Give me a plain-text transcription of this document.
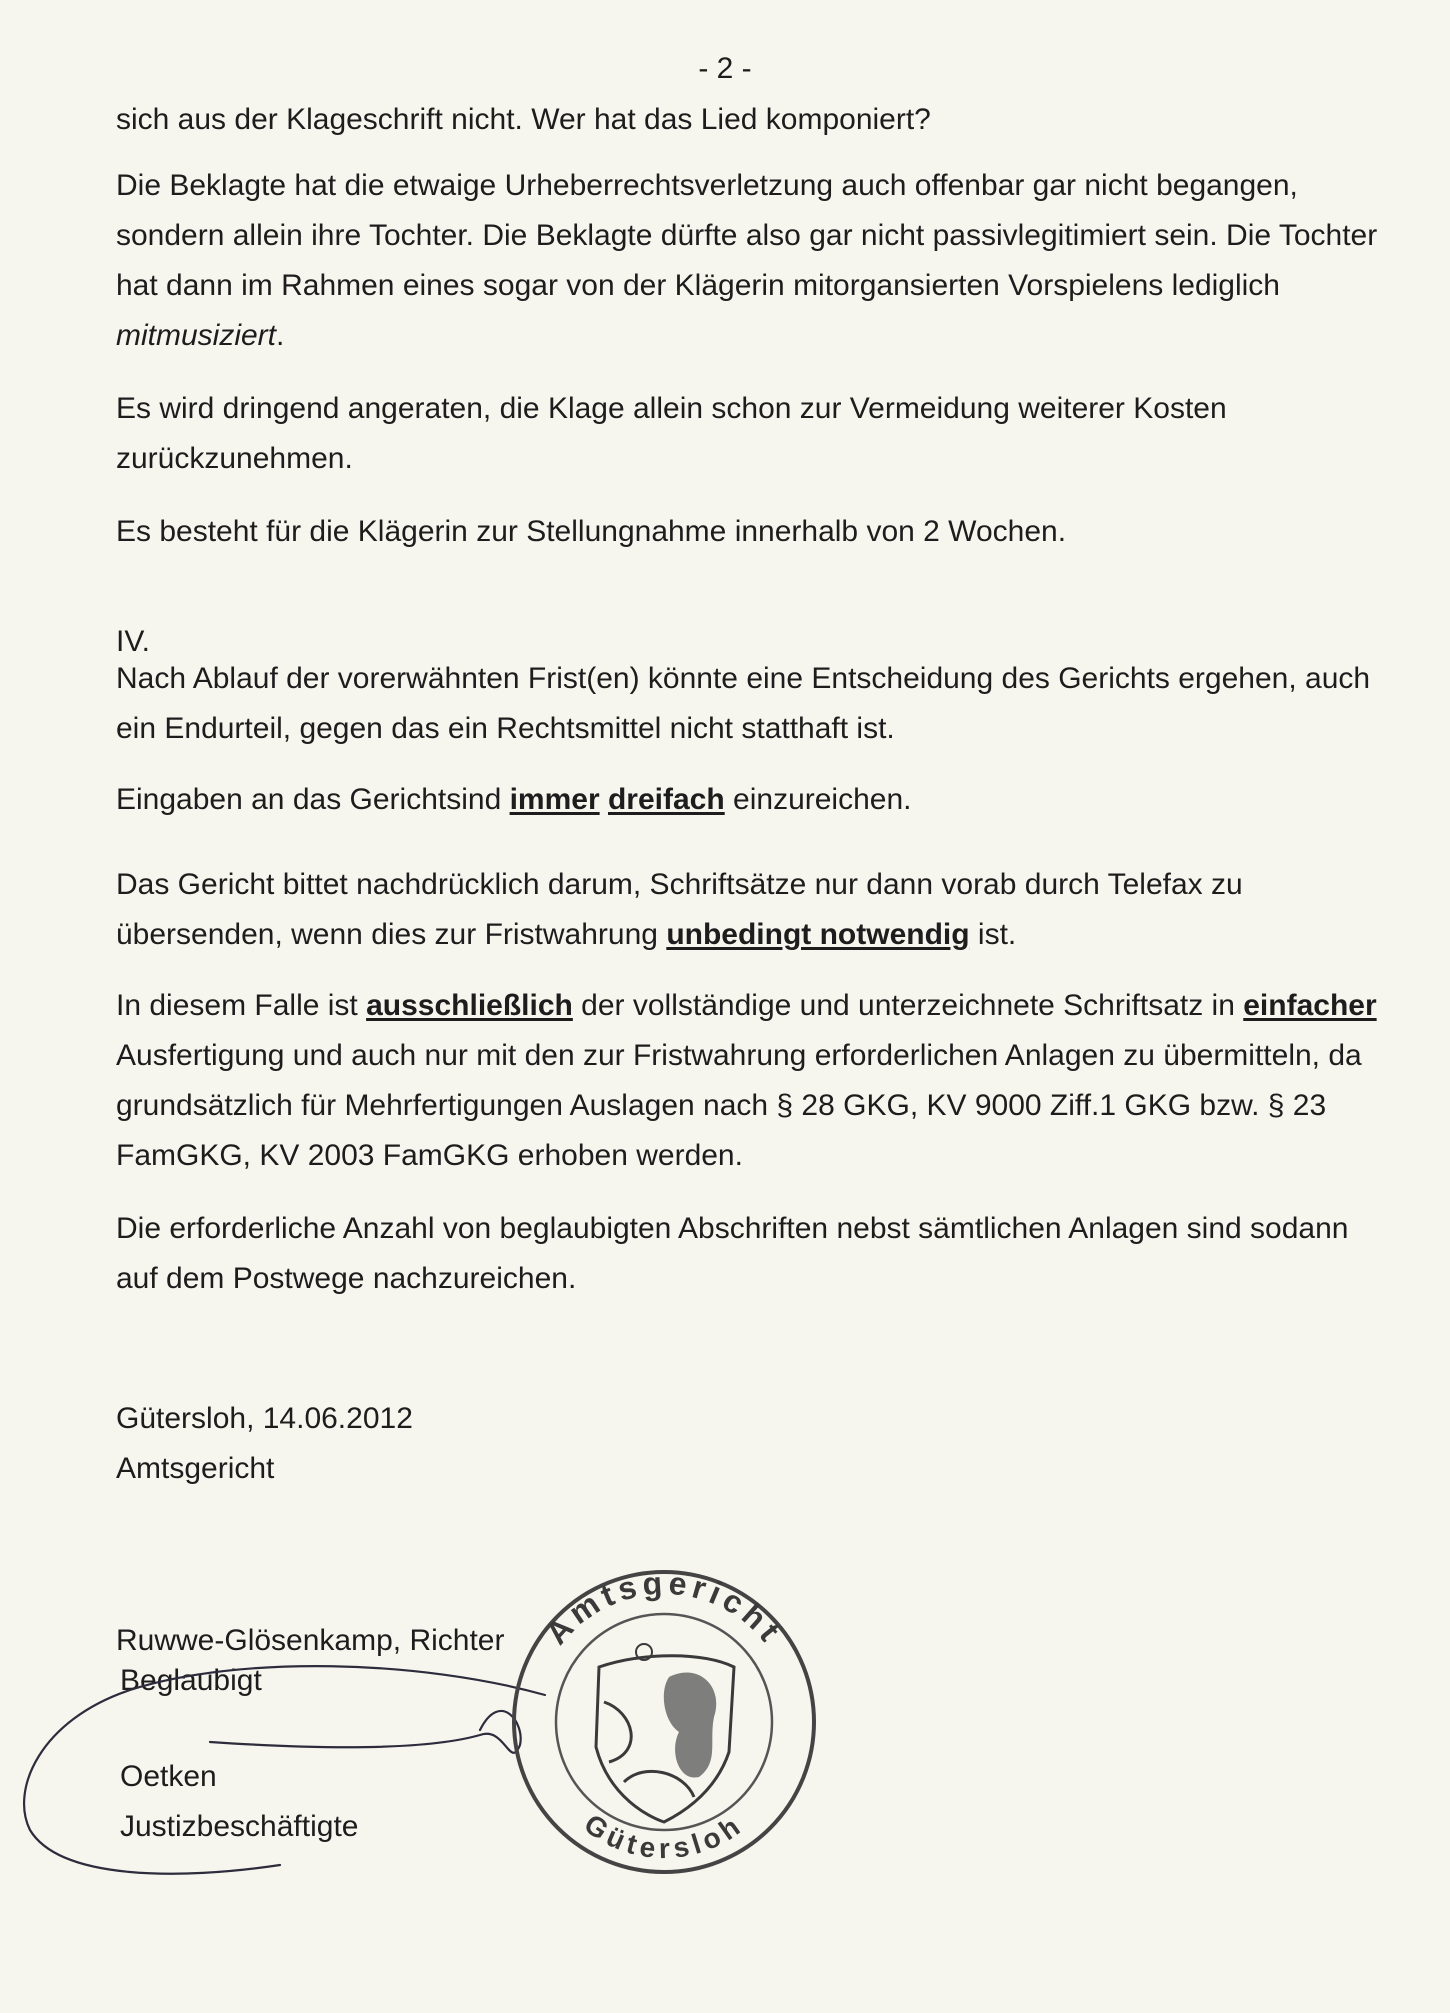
- 2 -

sich aus der Klageschrift nicht. Wer hat das Lied komponiert?

Die Beklagte hat die etwaige Urheberrechtsverletzung auch offenbar gar nicht begangen, sondern allein ihre Tochter. Die Beklagte dürfte also gar nicht passivlegitimiert sein. Die Tochter hat dann im Rahmen eines sogar von der Klägerin mitorgansierten Vorspielens lediglich mitmusiziert.

Es wird dringend angeraten, die Klage allein schon zur Vermeidung weiterer Kosten zurückzunehmen.

Es besteht für die Klägerin zur Stellungnahme innerhalb von 2 Wochen.

IV.

Nach Ablauf der vorerwähnten Frist(en) könnte eine Entscheidung des Gerichts ergehen, auch ein Endurteil, gegen das ein Rechtsmittel nicht statthaft ist.

Eingaben an das Gerichtsind immer dreifach einzureichen.

Das Gericht bittet nachdrücklich darum, Schriftsätze nur dann vorab durch Telefax zu übersenden, wenn dies zur Fristwahrung unbedingt notwendig ist.

In diesem Falle ist ausschließlich der vollständige und unterzeichnete Schriftsatz in einfacher Ausfertigung und auch nur mit den zur Fristwahrung erforderlichen Anlagen zu übermitteln, da grundsätzlich für Mehrfertigungen Auslagen nach § 28 GKG, KV 9000 Ziff.1 GKG bzw. § 23 FamGKG, KV 2003 FamGKG erhoben werden.

Die erforderliche Anzahl von beglaubigten Abschriften nebst sämtlichen Anlagen sind sodann auf dem Postwege nachzureichen.

Gütersloh, 14.06.2012
Amtsgericht
Ruwwe-Glösenkamp, Richter
Beglaubigt
Oetken
Justizbeschäftigte
Amtsgericht
Gütersloh
